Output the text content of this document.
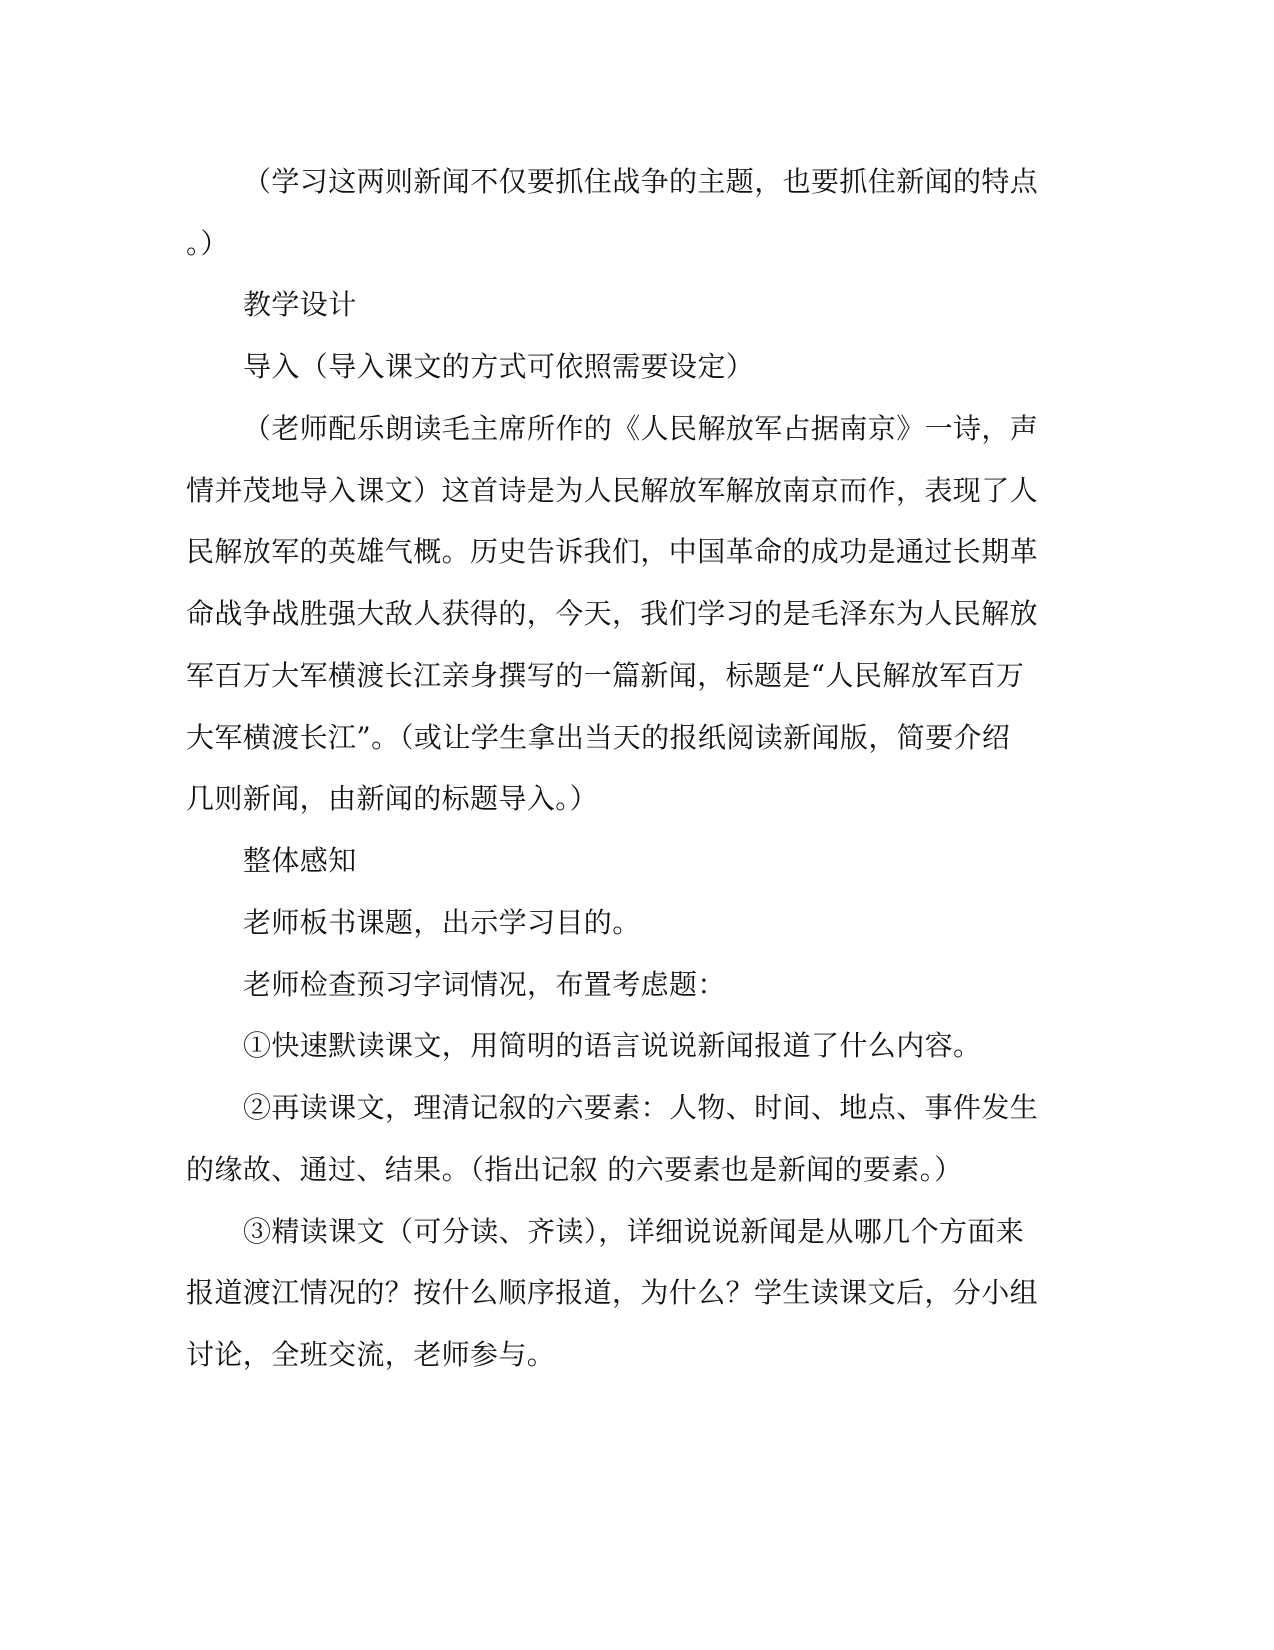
（学习这两则新闻不仅要抓住战争的主题，也要抓住新闻的特点
。）
教学设计
导入（导入课文的方式可依照需要设定）
（老师配乐朗读毛主席所作的《人民解放军占据南京》一诗，声
情并茂地导入课文）这首诗是为人民解放军解放南京而作，表现了人
民解放军的英雄气概。历史告诉我们，中国革命的成功是通过长期革
命战争战胜强大敌人获得的，今天，我们学习的是毛泽东为人民解放
军百万大军横渡长江亲身撰写的一篇新闻，标题是“人民解放军百万
大军横渡长江”。（或让学生拿出当天的报纸阅读新闻版，简要介绍
几则新闻，由新闻的标题导入。）
整体感知
老师板书课题，出示学习目的。
老师检查预习字词情况，布置考虑题：
①快速默读课文，用简明的语言说说新闻报道了什么内容。
②再读课文，理清记叙的六要素：人物、时间、地点、事件发生
的缘故、通过、结果。（指出记叙 的六要素也是新闻的要素。）
③精读课文（可分读、齐读），详细说说新闻是从哪几个方面来
报道渡江情况的？按什么顺序报道，为什么？学生读课文后，分小组
讨论，全班交流，老师参与。
